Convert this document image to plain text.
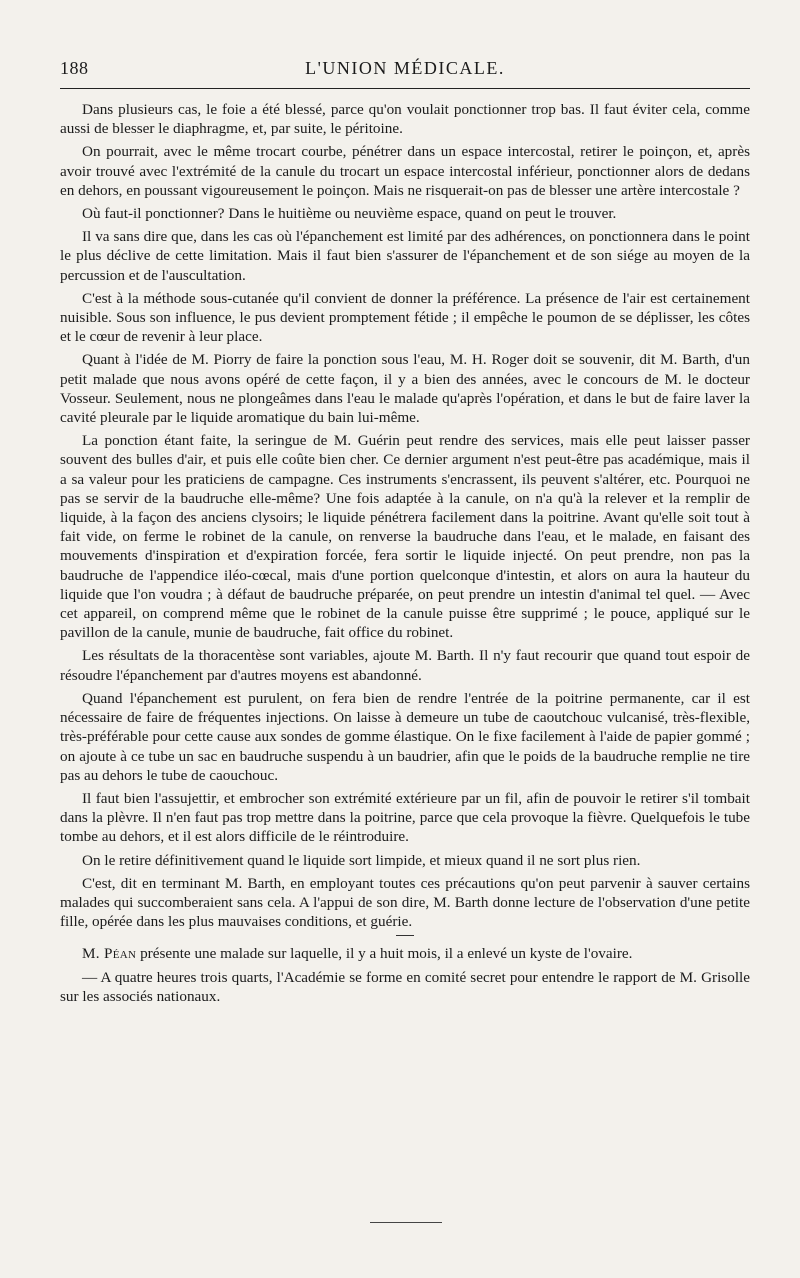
188	L'UNION MÉDICALE.

Dans plusieurs cas, le foie a été blessé, parce qu'on voulait ponctionner trop bas. Il faut éviter cela, comme aussi de blesser le diaphragme, et, par suite, le péritoine.

On pourrait, avec le même trocart courbe, pénétrer dans un espace intercostal, retirer le poinçon, et, après avoir trouvé avec l'extrémité de la canule du trocart un espace intercostal inférieur, ponctionner alors de dedans en dehors, en poussant vigoureusement le poinçon. Mais ne risquerait-on pas de blesser une artère intercostale ?

Où faut-il ponctionner? Dans le huitième ou neuvième espace, quand on peut le trouver.

Il va sans dire que, dans les cas où l'épanchement est limité par des adhérences, on ponctionnera dans le point le plus déclive de cette limitation. Mais il faut bien s'assurer de l'épanchement et de son siége au moyen de la percussion et de l'auscultation.

C'est à la méthode sous-cutanée qu'il convient de donner la préférence. La présence de l'air est certainement nuisible. Sous son influence, le pus devient promptement fétide ; il empêche le poumon de se déplisser, les côtes et le cœur de revenir à leur place.

Quant à l'idée de M. Piorry de faire la ponction sous l'eau, M. H. Roger doit se souvenir, dit M. Barth, d'un petit malade que nous avons opéré de cette façon, il y a bien des années, avec le concours de M. le docteur Vosseur. Seulement, nous ne plongeâmes dans l'eau le malade qu'après l'opération, et dans le but de faire laver la cavité pleurale par le liquide aromatique du bain lui-même.

La ponction étant faite, la seringue de M. Guérin peut rendre des services, mais elle peut laisser passer souvent des bulles d'air, et puis elle coûte bien cher. Ce dernier argument n'est peut-être pas académique, mais il a sa valeur pour les praticiens de campagne. Ces instruments s'encrassent, ils peuvent s'altérer, etc. Pourquoi ne pas se servir de la baudruche elle-même? Une fois adaptée à la canule, on n'a qu'à la relever et la remplir de liquide, à la façon des anciens clysoirs; le liquide pénétrera facilement dans la poitrine. Avant qu'elle soit tout à fait vide, on ferme le robinet de la canule, on renverse la baudruche dans l'eau, et le malade, en faisant des mouvements d'inspiration et d'expiration forcée, fera sortir le liquide injecté. On peut prendre, non pas la baudruche de l'appendice iléo-cœcal, mais d'une portion quelconque d'intestin, et alors on aura la hauteur du liquide que l'on voudra ; à défaut de baudruche préparée, on peut prendre un intestin d'animal tel quel. — Avec cet appareil, on comprend même que le robinet de la canule puisse être supprimé ; le pouce, appliqué sur le pavillon de la canule, munie de baudruche, fait office du robinet.

Les résultats de la thoracentèse sont variables, ajoute M. Barth. Il n'y faut recourir que quand tout espoir de résoudre l'épanchement par d'autres moyens est abandonné.

Quand l'épanchement est purulent, on fera bien de rendre l'entrée de la poitrine permanente, car il est nécessaire de faire de fréquentes injections. On laisse à demeure un tube de caoutchouc vulcanisé, très-flexible, très-préférable pour cette cause aux sondes de gomme élastique. On le fixe facilement à l'aide de papier gommé ; on ajoute à ce tube un sac en baudruche suspendu à un baudrier, afin que le poids de la baudruche remplie ne tire pas au dehors le tube de caouchouc.

Il faut bien l'assujettir, et embrocher son extrémité extérieure par un fil, afin de pouvoir le retirer s'il tombait dans la plèvre. Il n'en faut pas trop mettre dans la poitrine, parce que cela provoque la fièvre. Quelquefois le tube tombe au dehors, et il est alors difficile de le réintroduire.

On le retire définitivement quand le liquide sort limpide, et mieux quand il ne sort plus rien.

C'est, dit en terminant M. Barth, en employant toutes ces précautions qu'on peut parvenir à sauver certains malades qui succomberaient sans cela. A l'appui de son dire, M. Barth donne lecture de l'observation d'une petite fille, opérée dans les plus mauvaises conditions, et guérie.

M. Péan présente une malade sur laquelle, il y a huit mois, il a enlevé un kyste de l'ovaire.

— A quatre heures trois quarts, l'Académie se forme en comité secret pour entendre le rapport de M. Grisolle sur les associés nationaux.
